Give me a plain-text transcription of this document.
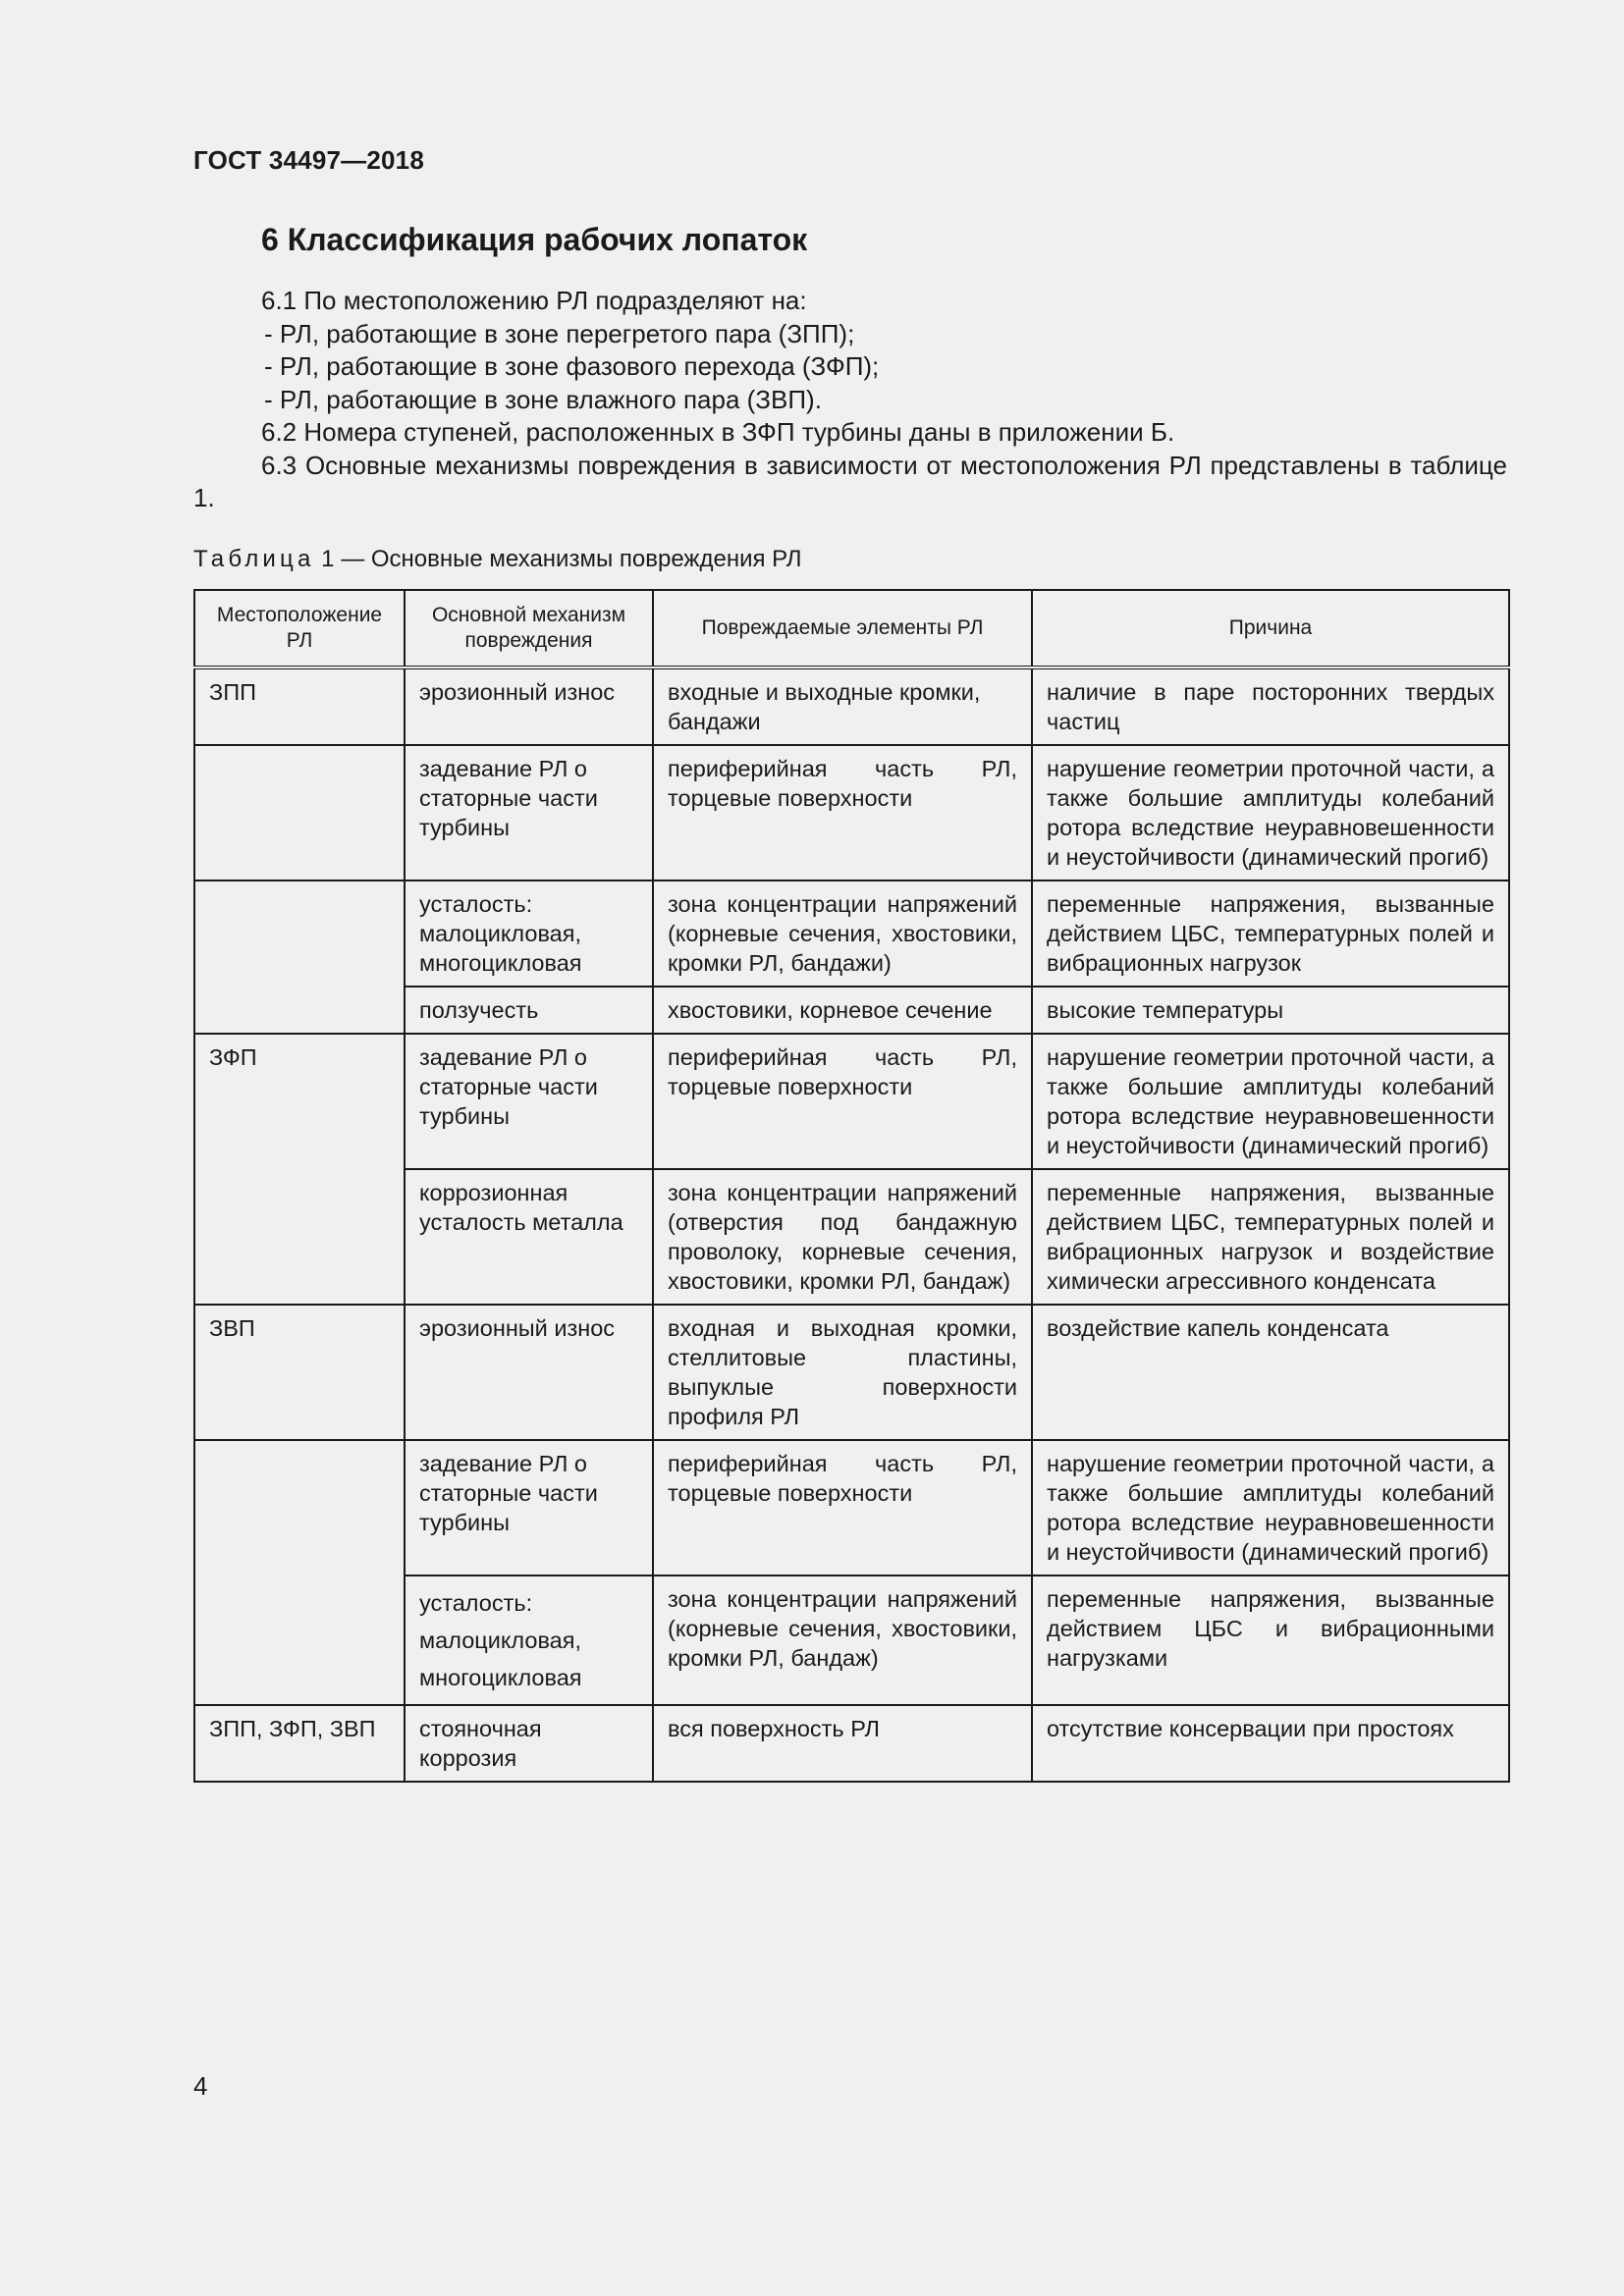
ГОСТ 34497—2018
6 Классификация рабочих лопаток

6.1 По местоположению РЛ подразделяют на:

- РЛ, работающие в зоне перегретого пара (ЗПП);

- РЛ, работающие в зоне фазового перехода (ЗФП);

- РЛ, работающие в зоне влажного пара (ЗВП).

6.2 Номера ступеней, расположенных в ЗФП турбины даны в приложении Б.

6.3 Основные механизмы повреждения в зависимости от местоположения РЛ представлены в таблице 1.

Таблица 1 — Основные механизмы повреждения РЛ
Местоположение РЛ	Основной механизм повреждения	Повреждаемые элементы РЛ	Причина
ЗПП	эрозионный износ	входные и выходные кромки, бандажи	наличие в паре посторонних твердых частиц
	задевание РЛ о статорные части турбины	периферийная часть РЛ, торцевые поверхности	нарушение геометрии проточной части, а также большие амплитуды колебаний ротора вследствие неуравновешенности и неустойчивости (динамический прогиб)
	усталость: малоцикловая, многоцикловая	зона концентрации напряжений (корневые сечения, хвостовики, кромки РЛ, бандажи)	переменные напряжения, вызванные действием ЦБС, температурных полей и вибрационных нагрузок
	ползучесть	хвостовики, корневое сечение	высокие температуры
ЗФП	задевание РЛ о статорные части турбины	периферийная часть РЛ, торцевые поверхности	нарушение геометрии проточной части, а также большие амплитуды колебаний ротора вследствие неуравновешенности и неустойчивости (динамический прогиб)
	коррозионная усталость металла	зона концентрации напряжений (отверстия под бандажную проволоку, корневые сечения, хвостовики, кромки РЛ, бандаж)	переменные напряжения, вызванные действием ЦБС, температурных полей и вибрационных нагрузок и воздействие химически агрессивного конденсата
ЗВП	эрозионный износ	входная и выходная кромки, стеллитовые пластины, выпуклые поверхности профиля РЛ	воздействие капель конденсата
	задевание РЛ о статорные части турбины	периферийная часть РЛ, торцевые поверхности	нарушение геометрии проточной части, а также большие амплитуды колебаний ротора вследствие неуравновешенности и неустойчивости (динамический прогиб)
	усталость: малоцикловая, многоцикловая	зона концентрации напряжений (корневые сечения, хвостовики, кромки РЛ, бандаж)	переменные напряжения, вызванные действием ЦБС и вибрационными нагрузками
ЗПП, ЗФП, ЗВП	стояночная коррозия	вся поверхность РЛ	отсутствие консервации при простоях
4
